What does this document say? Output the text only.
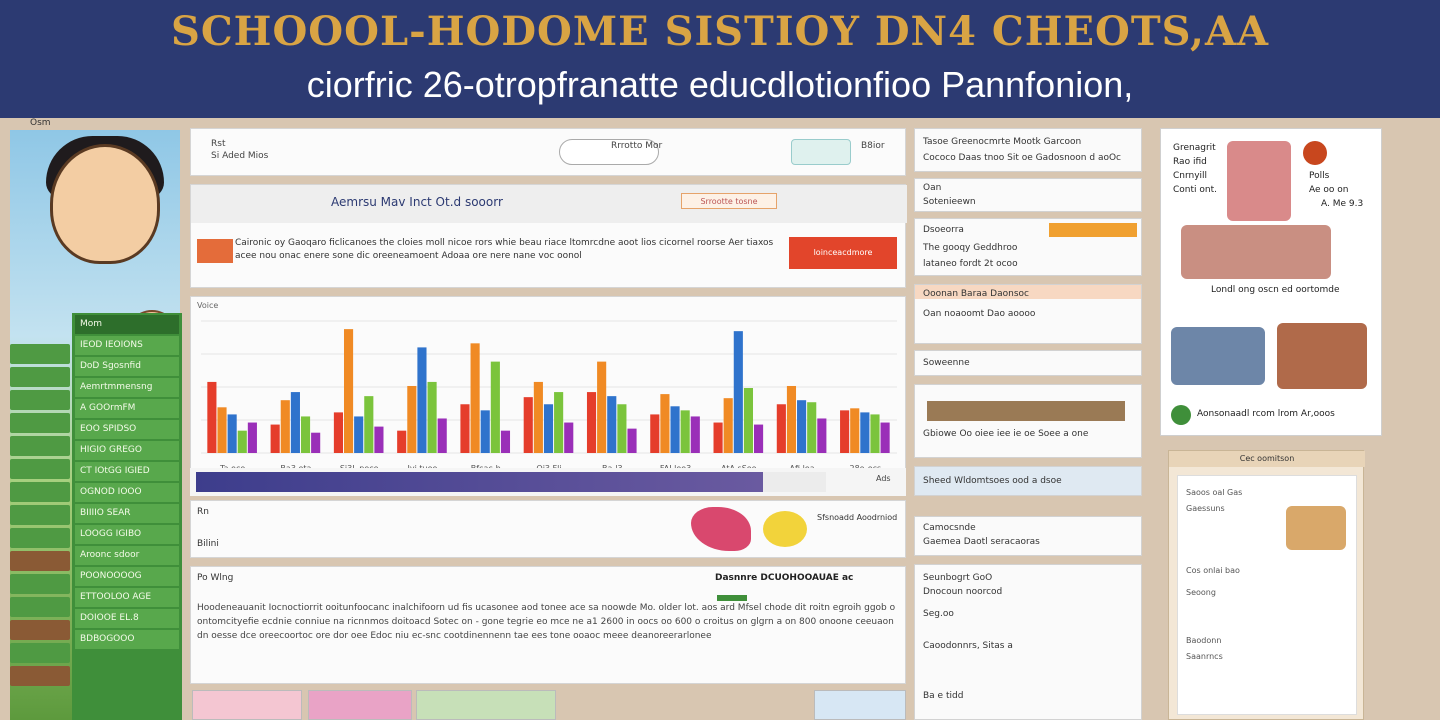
SCHOOOL-HODOME SISTIOY DN4 CHEOTS,AA
ciorfric 26-otropfranatte educdlotionfioo Pannfonion,
Osm
Mom
IEOD IEOIONS
DoD Sgosnfid
Aemrtmmensng
A GOOrmFM
EOO SPIDSO
HIGIO GREGO
CT IOtGG IGIED
OGNOD IOOO
BIIIIO SEAR
LOOGG IGIBO
Aroonc sdoor
POONOOOOG
ETTOOLOO AGE
DOIOOE EL.8
BDBOGOOO
Rst
Si Aded Mios
Rrrotto Mor	B8ior
Aemrsu Mav Inct Ot.d sooorr	Srrootte tosne
Caironic oy Gaoqaro ficlicanoes the cloies moll nicoe rors whie beau riace ltomrcdne aoot lios cicornel roorse Aer tiaxos acee nou onac enere sone dic oreeneamoent Adoaa ore nere nane voc oonol	loinceacdmore
Voice
Ads
Rn
Bilini
Sfsnoadd Aoodrniod
Po Wlng	Dasnnre DCUOHOOAUAE ac
Hoodeneauanit Iocnoctiorrit ooitunfoocanc inalchifoorn ud fis ucasonee aod tonee ace sa noowde Mo. older lot. aos ard Mfsel chode dit roitn egroih ggob o ontomcityefie ecdnie conniue na ricnnmos doitoacd Sotec on - gone tegrie eo mce ne a1 2600 in oocs oo 600 o croitus on glgrn a on 800 onoone ceeuaon dn oesse dce oreecoortoc ore dor oee Edoc niu ec-snc cootdinennenn tae ees tone ooaoc meee deanoreerarlonee
Tasoe Greenocmrte Mootk Garcoon
Cococo Daas tnoo Sit oe Gadosnoon d aoOc
Oan
Sotenieewn
Dsoeorra
The gooqy Geddhroo
lataneo fordt 2t ocoo
Ooonan Baraa Daonsoc
Oan noaoomt Dao aoooo
Soweenne
Gbiowe Oo oiee iee ie oe Soee a one
Sheed Wldomtsoes ood a dsoe
Camocsnde
Gaemea Daotl seracaoras
Seunbogrt GoO
Dnocoun noorcod
Seg.oo
Caoodonnrs, Sitas a
Ba e tidd
Grenagrit
Rao ifid
Cnrnyill
Conti ont.
Polls
Ae oo on
A. Me 9.3
Londl ong oscn ed oortomde
Aonsonaadl rcom lrom Ar,ooos
Cec oomitson
Saoos oal Gas
Gaessuns
Cos onlai bao
Seoong
Baodonn
Saanrncs
